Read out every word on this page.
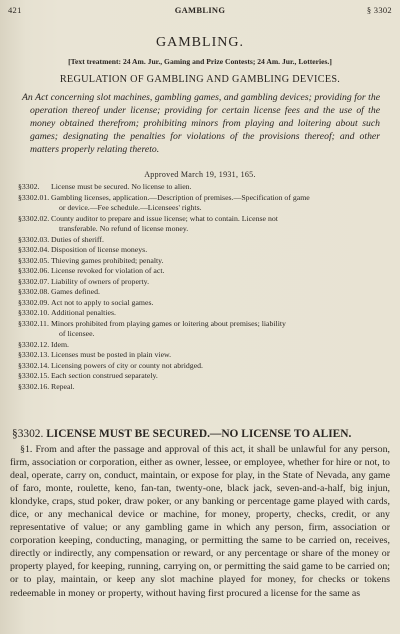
421	GAMBLING	§ 3302
GAMBLING.
[Text treatment: 24 Am. Jur., Gaming and Prize Contests; 24 Am. Jur., Lotteries.]
REGULATION OF GAMBLING AND GAMBLING DEVICES.
An Act concerning slot machines, gambling games, and gambling devices; providing for the operation thereof under license; providing for certain license fees and the use of the money obtained therefrom; prohibiting minors from playing and loitering about such games; designating the penalties for violations of the provisions thereof; and other matters properly relating thereto.
Approved March 19, 1931, 165.
§3302.	License must be secured. No license to alien.
§3302.01. Gambling licenses, application.—Description of premises.—Specification of game
or device.—Fee schedule.—Licensees' rights.
§3302.02. County auditor to prepare and issue license; what to contain. License not
transferable. No refund of license money.
§3302.03. Duties of sheriff.
§3302.04. Disposition of license moneys.
§3302.05. Thieving games prohibited; penalty.
§3302.06. License revoked for violation of act.
§3302.07. Liability of owners of property.
§3302.08. Games defined.
§3302.09. Act not to apply to social games.
§3302.10. Additional penalties.
§3302.11. Minors prohibited from playing games or loitering about premises; liability
of licensee.
§3302.12. Idem.
§3302.13. Licenses must be posted in plain view.
§3302.14. Licensing powers of city or county not abridged.
§3302.15. Each section construed separately.
§3302.16. Repeal.
§3302. LICENSE MUST BE SECURED.—NO LICENSE TO ALIEN.
§1. From and after the passage and approval of this act, it shall be unlawful for any person, firm, association or corporation, either as owner, lessee, or employee, whether for hire or not, to deal, operate, carry on, conduct, maintain, or expose for play, in the State of Nevada, any game of faro, monte, roulette, keno, fan-tan, twenty-one, black jack, seven-and-a-half, big injun, klondyke, craps, stud poker, draw poker, or any banking or percentage game played with cards, dice, or any mechanical device or machine, for money, property, checks, credit, or any representative of value; or any gambling game in which any person, firm, association or corporation keeping, conducting, managing, or permitting the same to be carried on, receives, directly or indirectly, any compensation or reward, or any percentage or share of the money or property played, for keeping, running, carrying on, or permitting the said game to be carried on; or to play, maintain, or keep any slot machine played for money, for checks or tokens redeemable in money or property, without having first procured a license for the same as
